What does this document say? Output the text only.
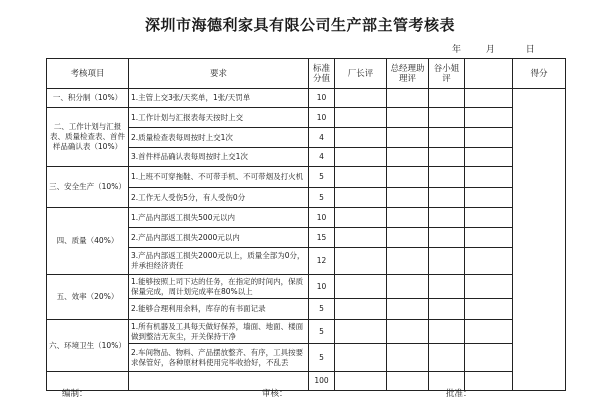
深圳市海德利家具有限公司生产部主管考核表
年	月	日
考核项目	要求	标准分值	厂长评	总经理助理评	谷小姐评		得分
一、积分制（10%）	1.主管上交3张/天奖单，1张/天罚单	10					
二、工作计划与汇报表、质量检查表、首件样品确认表（10%）	1.工作计划与汇报表每天按时上交	10					
	2.质量检查表每周按时上交1次	4					
	3.首件样品确认表每周按时上交1次	4					
三、安全生产（10%）	1.上班不可穿拖鞋、不可带手机、不可带烟及打火机	5					
	2.工作无人受伤5分，有人受伤0分	5					
四、质量（40%）	1.产品内部返工损失500元以内	10					
	2.产品内部返工损失2000元以内	15					
	3.产品内部返工损失2000元以上，质量全部为0分，并承担经济责任	12					
五、效率（20%）	1.能够按照上司下达的任务，在指定的时间内，保质保量完成，周计划完成率在80%以上	10					
	2.能够合理利用余料，库存的有书面记录	5					
六、环境卫生（10%）	1.所有机器及工具每天做好保养，墙面、地面、楼面做到整洁无灰尘，开关保持干净	5					
	2.车间物品、物料、产品摆放整齐、有序，工具按要求保管好，各种原材料使用完毕收拾好，不乱丢	5					
		100					
编制：	审核：	批准：
